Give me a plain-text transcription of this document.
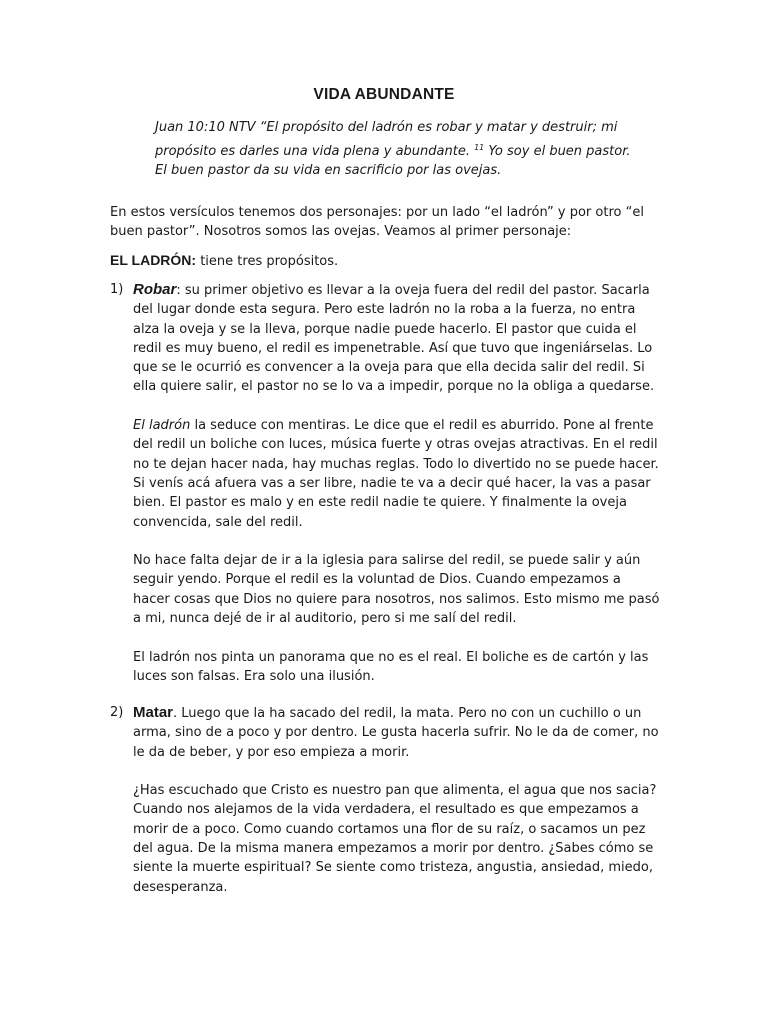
VIDA ABUNDANTE
Juan 10:10 NTV “El propósito del ladrón es robar y matar y destruir; mi propósito es darles una vida plena y abundante. $^{11}$ Yo soy el buen pastor. El buen pastor da su vida en sacrificio por las ovejas.

En estos versículos tenemos dos personajes: por un lado “el ladrón” y por otro “el buen pastor”. Nosotros somos las ovejas. Veamos al primer personaje:

EL LADRÓN: tiene tres propósitos.
1) Robar: su primer objetivo es llevar a la oveja fuera del redil del pastor. Sacarla del lugar donde esta segura. Pero este ladrón no la roba a la fuerza, no entra alza la oveja y se la lleva, porque nadie puede hacerlo. El pastor que cuida el redil es muy bueno, el redil es impenetrable. Así que tuvo que ingeniárselas. Lo que se le ocurrió es convencer a la oveja para que ella decida salir del redil. Si ella quiere salir, el pastor no se lo va a impedir, porque no la obliga a quedarse.

El ladrón la seduce con mentiras. Le dice que el redil es aburrido. Pone al frente del redil un boliche con luces, música fuerte y otras ovejas atractivas. En el redil no te dejan hacer nada, hay muchas reglas. Todo lo divertido no se puede hacer. Si venís acá afuera vas a ser libre, nadie te va a decir qué hacer, la vas a pasar bien. El pastor es malo y en este redil nadie te quiere. Y finalmente la oveja convencida, sale del redil.

No hace falta dejar de ir a la iglesia para salirse del redil, se puede salir y aún seguir yendo. Porque el redil es la voluntad de Dios. Cuando empezamos a hacer cosas que Dios no quiere para nosotros, nos salimos. Esto mismo me pasó a mi, nunca dejé de ir al auditorio, pero si me salí del redil.

El ladrón nos pinta un panorama que no es el real. El boliche es de cartón y las luces son falsas. Era solo una ilusión.

2) Matar. Luego que la ha sacado del redil, la mata. Pero no con un cuchillo o un arma, sino de a poco y por dentro. Le gusta hacerla sufrir. No le da de comer, no le da de beber, y por eso empieza a morir.

¿Has escuchado que Cristo es nuestro pan que alimenta, el agua que nos sacia? Cuando nos alejamos de la vida verdadera, el resultado es que empezamos a morir de a poco. Como cuando cortamos una flor de su raíz, o sacamos un pez del agua. De la misma manera empezamos a morir por dentro. ¿Sabes cómo se siente la muerte espiritual? Se siente como tristeza, angustia, ansiedad, miedo, desesperanza.
